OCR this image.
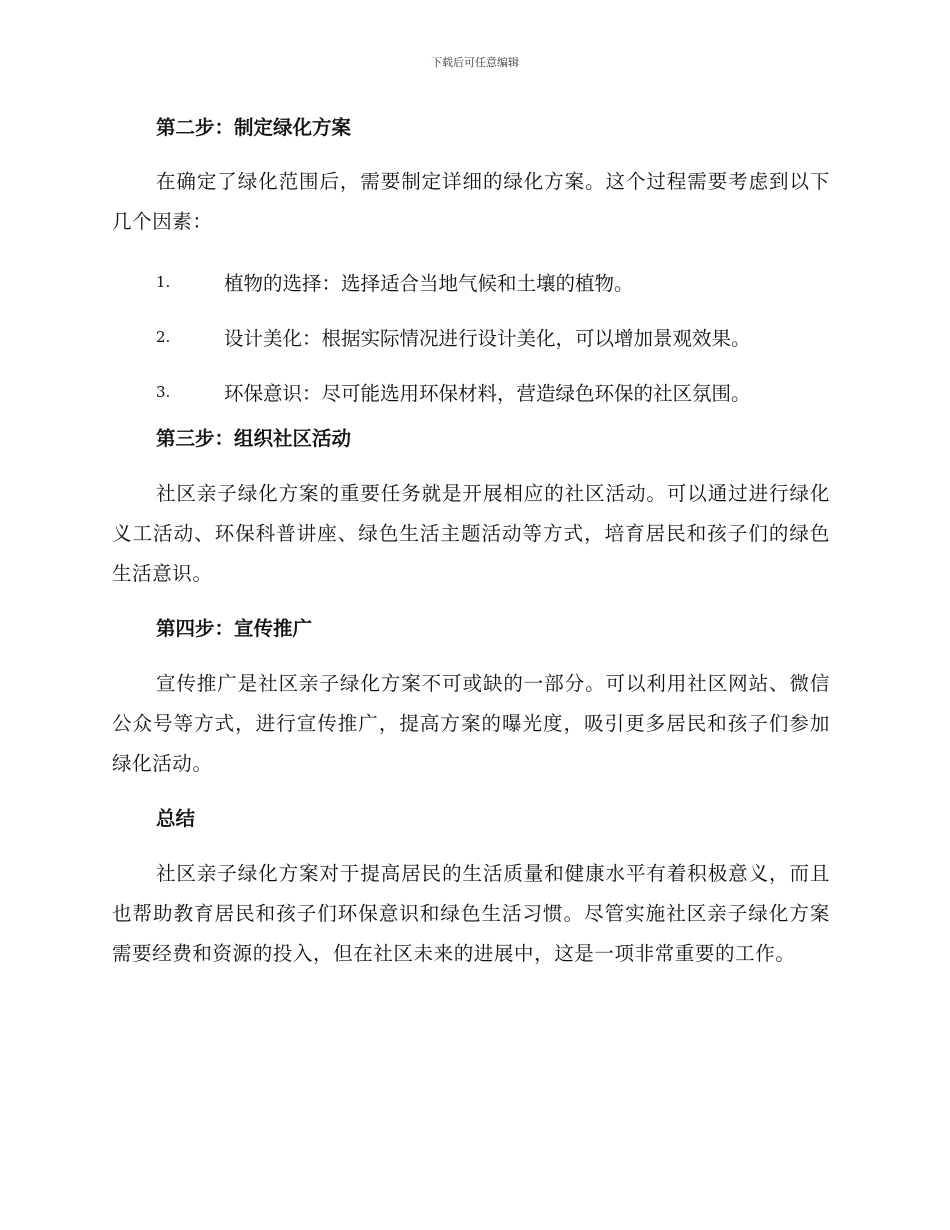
下载后可任意编辑
第二步：制定绿化方案

在确定了绿化范围后，需要制定详细的绿化方案。这个过程需要考虑到以下几个因素：

1.	植物的选择：选择适合当地气候和土壤的植物。
2.	设计美化：根据实际情况进行设计美化，可以增加景观效果。
3.	环保意识：尽可能选用环保材料，营造绿色环保的社区氛围。
第三步：组织社区活动

社区亲子绿化方案的重要任务就是开展相应的社区活动。可以通过进行绿化义工活动、环保科普讲座、绿色生活主题活动等方式，培育居民和孩子们的绿色生活意识。

第四步：宣传推广

宣传推广是社区亲子绿化方案不可或缺的一部分。可以利用社区网站、微信公众号等方式，进行宣传推广，提高方案的曝光度，吸引更多居民和孩子们参加绿化活动。

总结

社区亲子绿化方案对于提高居民的生活质量和健康水平有着积极意义，而且也帮助教育居民和孩子们环保意识和绿色生活习惯。尽管实施社区亲子绿化方案需要经费和资源的投入，但在社区未来的进展中，这是一项非常重要的工作。
